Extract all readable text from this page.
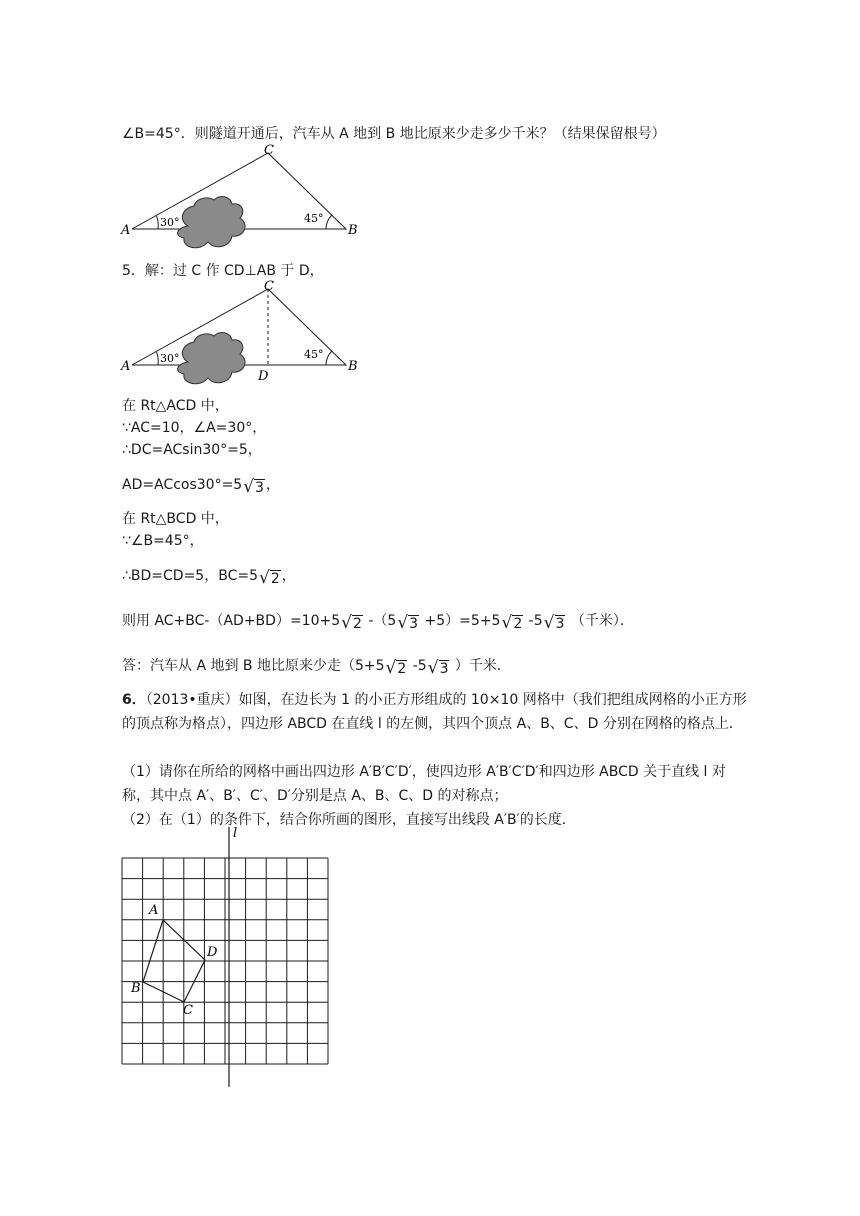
∠B=45°．则隧道开通后，汽车从 A 地到 B 地比原来少走多少千米？（结果保留根号）
A	B
C
30°	45°
5．解：过 C 作 CD⊥AB 于 D，
A	B
C
D
30°	45°
在 Rt△ACD 中，
∵AC=10，∠A=30°，
∴DC=ACsin30°=5，
AD=ACcos30°=5√3 ，
在 Rt△BCD 中，
∵∠B=45°，
∴BD=CD=5，BC=5√2 ，
则用 AC+BC-（AD+BD）=10+5√2 -（5√3 +5）=5+5√2 -5√3 （千米）．
答：汽车从 A 地到 B 地比原来少走（5+5√2 -5√3 ）千米．
6．（2013•重庆）如图，在边长为 1 的小正方形组成的 10×10 网格中（我们把组成网格的小正方形的顶点称为格点），四边形 ABCD 在直线 l 的左侧，其四个顶点 A、B、C、D 分别在网格的格点上．
（1）请你在所给的网格中画出四边形 A′B′C′D′，使四边形 A′B′C′D′和四边形 ABCD 关于直线 l 对称，其中点 A′、B′、C′、D′分别是点 A、B、C、D 的对称点；
（2）在（1）的条件下，结合你所画的图形，直接写出线段 A′B′的长度．
l
A
B
C
D
